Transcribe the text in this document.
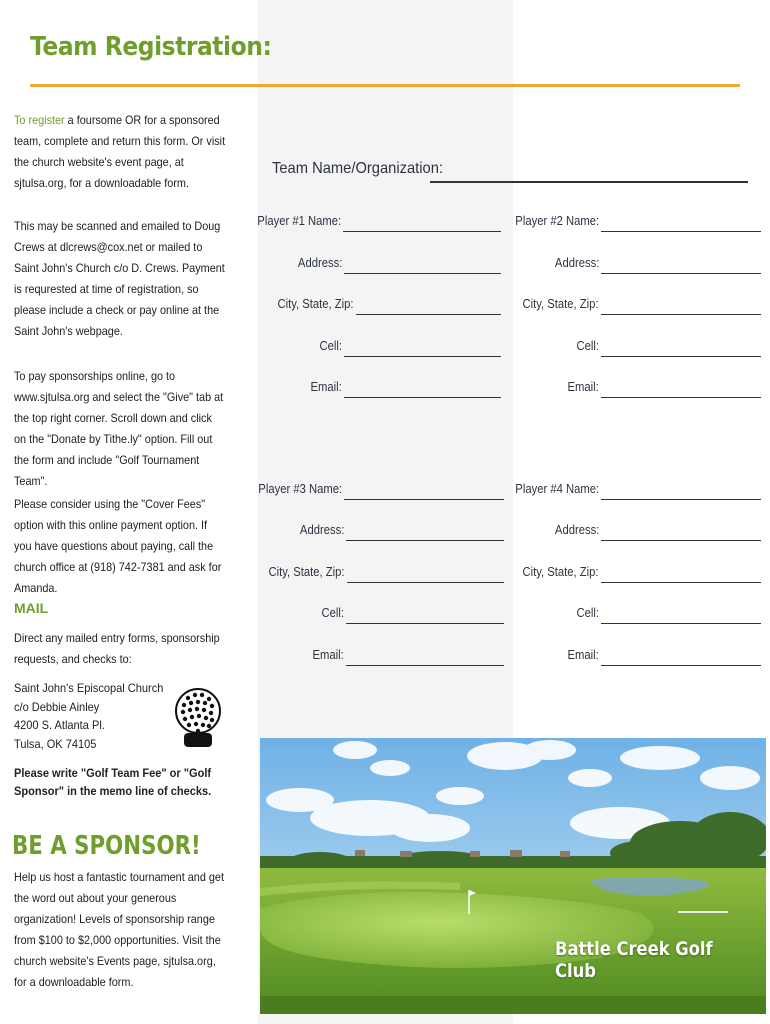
Team Registration:
To register a foursome OR for a sponsored team, complete and return this form. Or visit the church website's event page, at sjtulsa.org, for a downloadable form.
This may be scanned and emailed to Doug Crews at dlcrews@cox.net or mailed to Saint John's Church c/o D. Crews. Payment is requrested at time of registration, so please include a check or pay online at the Saint John's webpage.
To pay sponsorships online, go to www.sjtulsa.org and select the "Give" tab at the top right corner. Scroll down and click on the "Donate by Tithe.ly" option. Fill out the form and include "Golf Tournament Team".
Please consider using the "Cover Fees" option with this online payment option. If you have questions about paying, call the church office at (918) 742-7381 and ask for Amanda.
MAIL
Direct any mailed entry forms, sponsorship requests, and checks to:
Saint John's Episcopal Church
c/o Debbie Ainley
4200 S. Atlanta Pl.
Tulsa, OK 74105
Please write "Golf Team Fee" or "Golf Sponsor" in the memo line of checks.
BE A SPONSOR!
Help us host a fantastic tournament and get the word out about your generous organization! Levels of sponsorship range from $100 to $2,000 opportunities. Visit the church website's Events page, sjtulsa.org, for a downloadable form.
Team Name/Organization:
Player #1 Name:
Address:
City, State, Zip:
Cell:
Email:
Player #2 Name:
Address:
City, State, Zip:
Cell:
Email:
Player #3 Name:
Address:
City, State, Zip:
Cell:
Email:
Player #4 Name:
Address:
City, State, Zip:
Cell:
Email:
Battle Creek Golf Club
